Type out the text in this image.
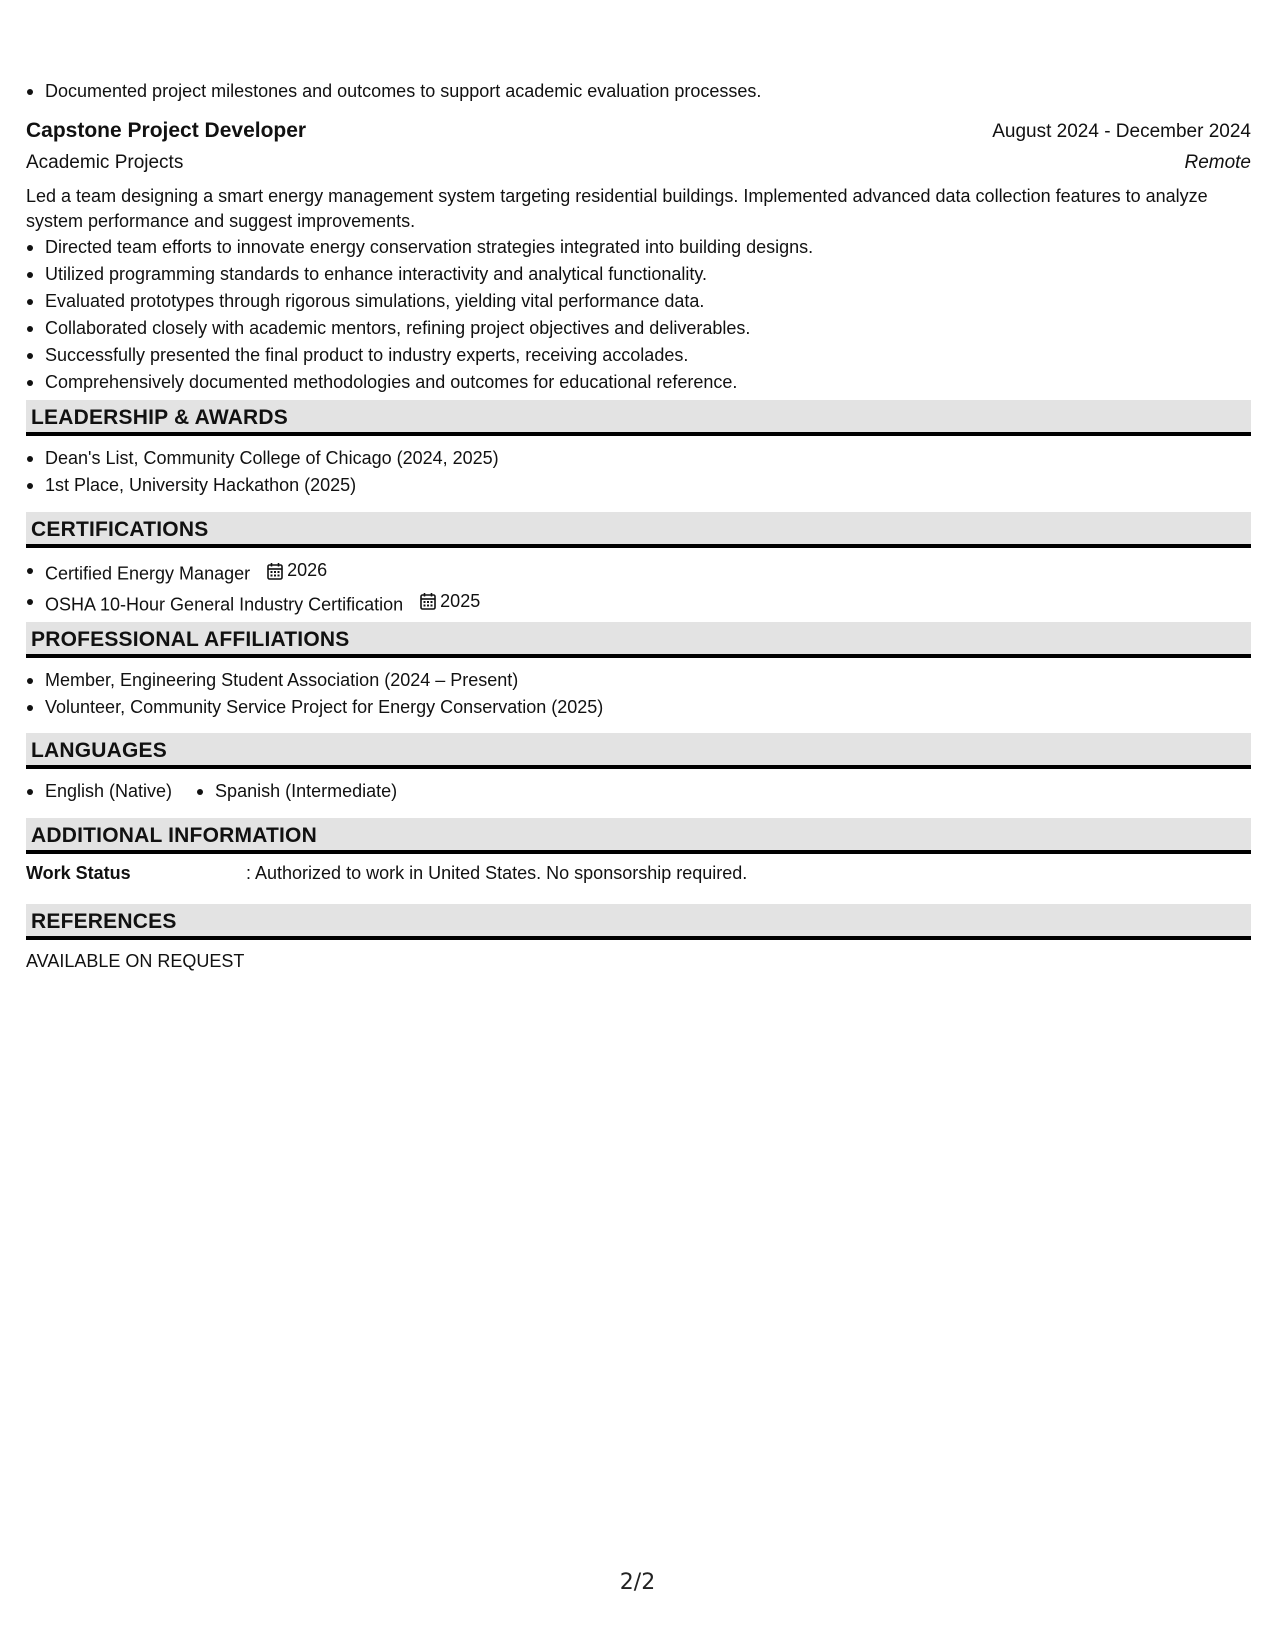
Documented project milestones and outcomes to support academic evaluation processes.
Capstone Project Developer	August 2024 - December 2024
Academic Projects	Remote
Led a team designing a smart energy management system targeting residential buildings. Implemented advanced data collection features to analyze system performance and suggest improvements.
Directed team efforts to innovate energy conservation strategies integrated into building designs.
Utilized programming standards to enhance interactivity and analytical functionality.
Evaluated prototypes through rigorous simulations, yielding vital performance data.
Collaborated closely with academic mentors, refining project objectives and deliverables.
Successfully presented the final product to industry experts, receiving accolades.
Comprehensively documented methodologies and outcomes for educational reference.
LEADERSHIP & AWARDS
Dean's List, Community College of Chicago (2024, 2025)
1st Place, University Hackathon (2025)
CERTIFICATIONS
Certified Energy Manager 2026
OSHA 10-Hour General Industry Certification 2025
PROFESSIONAL AFFILIATIONS
Member, Engineering Student Association (2024 – Present)
Volunteer, Community Service Project for Energy Conservation (2025)
LANGUAGES
English (Native)	Spanish (Intermediate)
ADDITIONAL INFORMATION
Work Status	: Authorized to work in United States. No sponsorship required.
REFERENCES
AVAILABLE ON REQUEST
2/2
